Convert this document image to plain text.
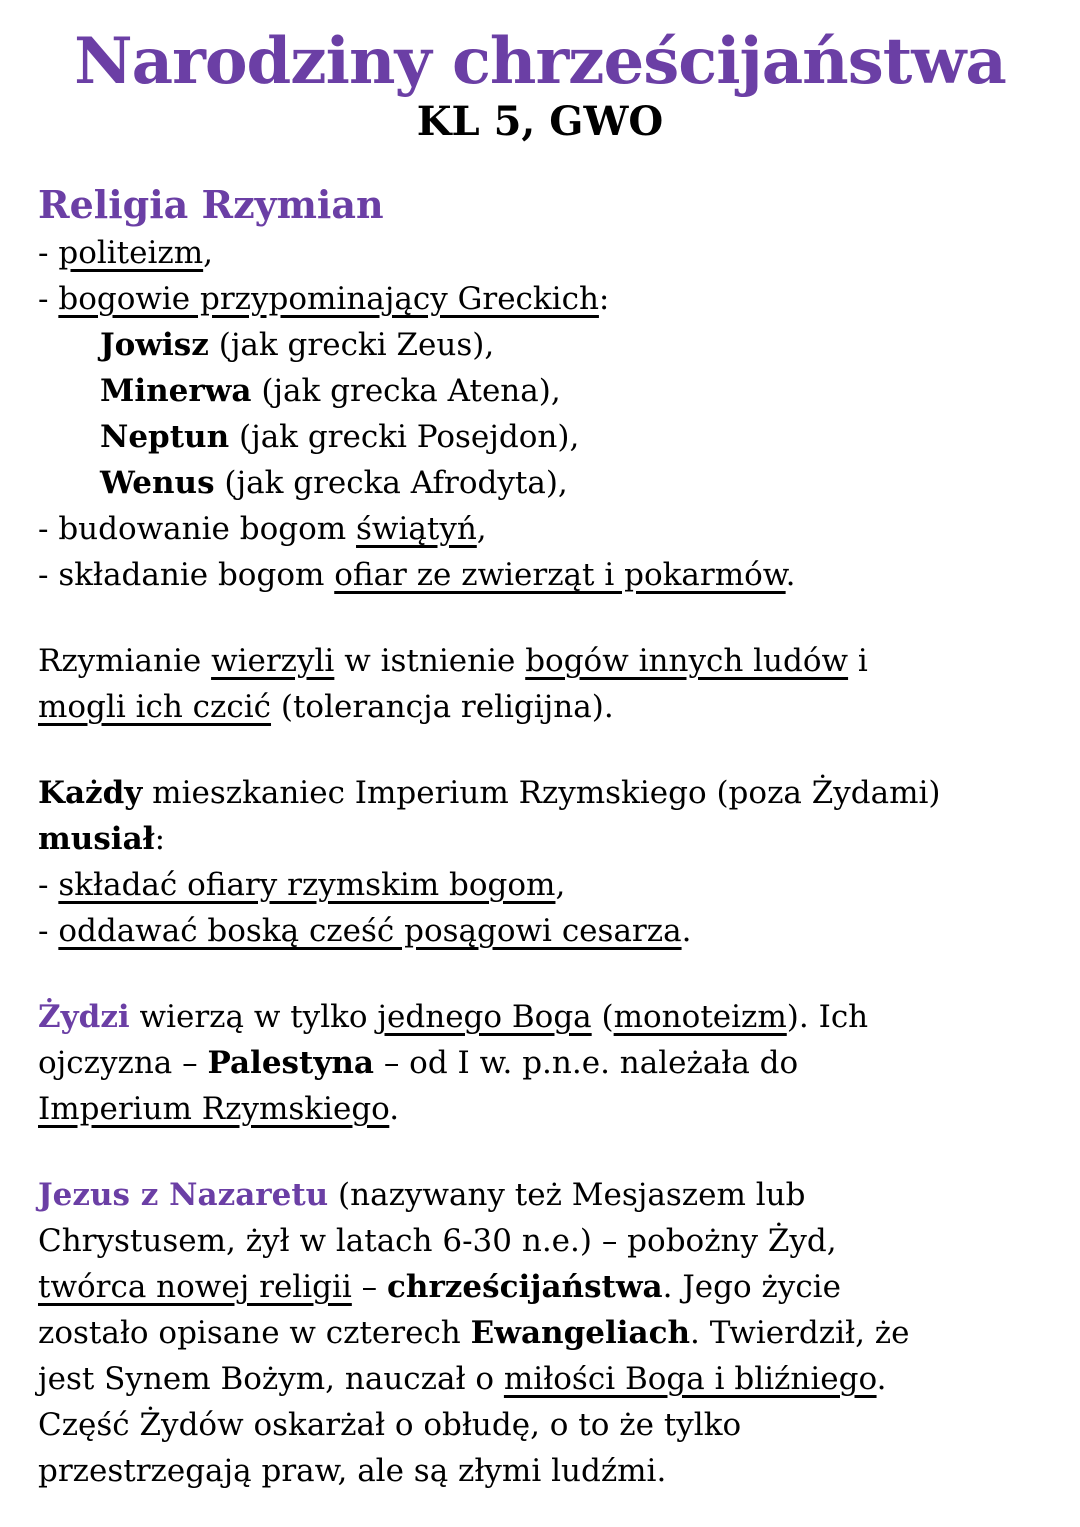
Narodziny chrześcijaństwa
KL 5, GWO
Religia Rzymian
- politeizm,
- bogowie przypominający Greckich:
Jowisz (jak grecki Zeus),
Minerwa (jak grecka Atena),
Neptun (jak grecki Posejdon),
Wenus (jak grecka Afrodyta),
- budowanie bogom świątyń,
- składanie bogom ofiar ze zwierząt i pokarmów.
Rzymianie wierzyli w istnienie bogów innych ludów i
mogli ich czcić (tolerancja religijna).
Każdy mieszkaniec Imperium Rzymskiego (poza Żydami)
musiał:
- składać ofiary rzymskim bogom,
- oddawać boską cześć posągowi cesarza.
Żydzi wierzą w tylko jednego Boga (monoteizm). Ich
ojczyzna – Palestyna – od I w. p.n.e. należała do
Imperium Rzymskiego.
Jezus z Nazaretu (nazywany też Mesjaszem lub
Chrystusem, żył w latach 6-30 n.e.) – pobożny Żyd,
twórca nowej religii – chrześcijaństwa. Jego życie
zostało opisane w czterech Ewangeliach. Twierdził, że
jest Synem Bożym, nauczał o miłości Boga i bliźniego.
Część Żydów oskarżał o obłudę, o to że tylko
przestrzegają praw, ale są złymi ludźmi.
